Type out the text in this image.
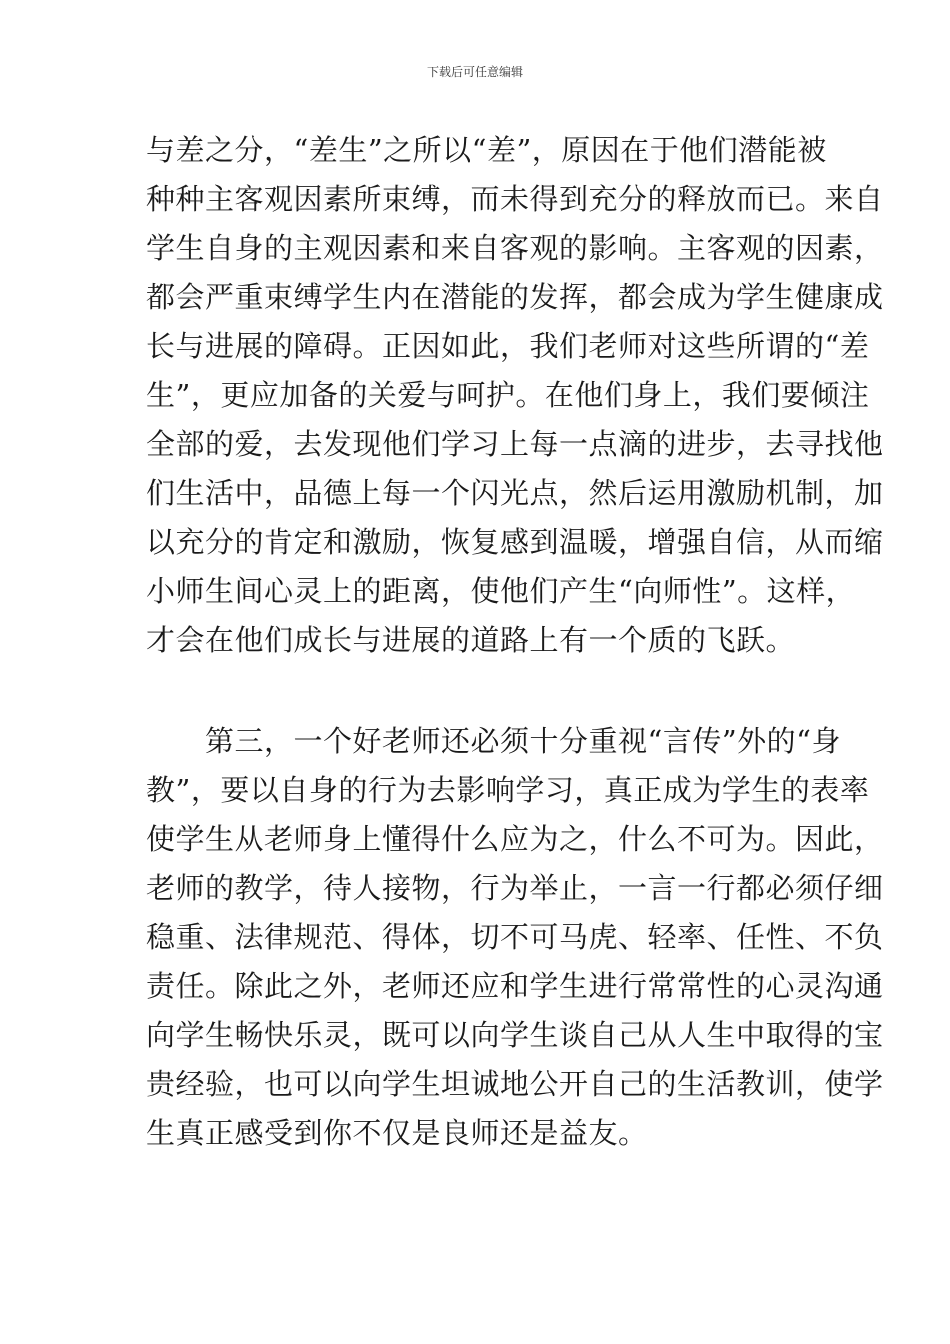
下载后可任意编辑

与差之分，“差生”之所以“差”，原因在于他们潜能被
种种主客观因素所束缚，而未得到充分的释放而已。来自
学生自身的主观因素和来自客观的影响。主客观的因素，
都会严重束缚学生内在潜能的发挥，都会成为学生健康成
长与进展的障碍。正因如此，我们老师对这些所谓的“差
生”，更应加备的关爱与呵护。在他们身上，我们要倾注
全部的爱，去发现他们学习上每一点滴的进步，去寻找他
们生活中，品德上每一个闪光点，然后运用激励机制，加
以充分的肯定和激励，恢复感到温暖，增强自信，从而缩
小师生间心灵上的距离，使他们产生“向师性”。这样，
才会在他们成长与进展的道路上有一个质的飞跃。

　　第三，一个好老师还必须十分重视“言传”外的“身
教”，要以自身的行为去影响学习，真正成为学生的表率
使学生从老师身上懂得什么应为之，什么不可为。因此，
老师的教学，待人接物，行为举止，一言一行都必须仔细
稳重、法律规范、得体，切不可马虎、轻率、任性、不负
责任。除此之外，老师还应和学生进行常常性的心灵沟通
向学生畅快乐灵，既可以向学生谈自己从人生中取得的宝
贵经验，也可以向学生坦诚地公开自己的生活教训，使学
生真正感受到你不仅是良师还是益友。
